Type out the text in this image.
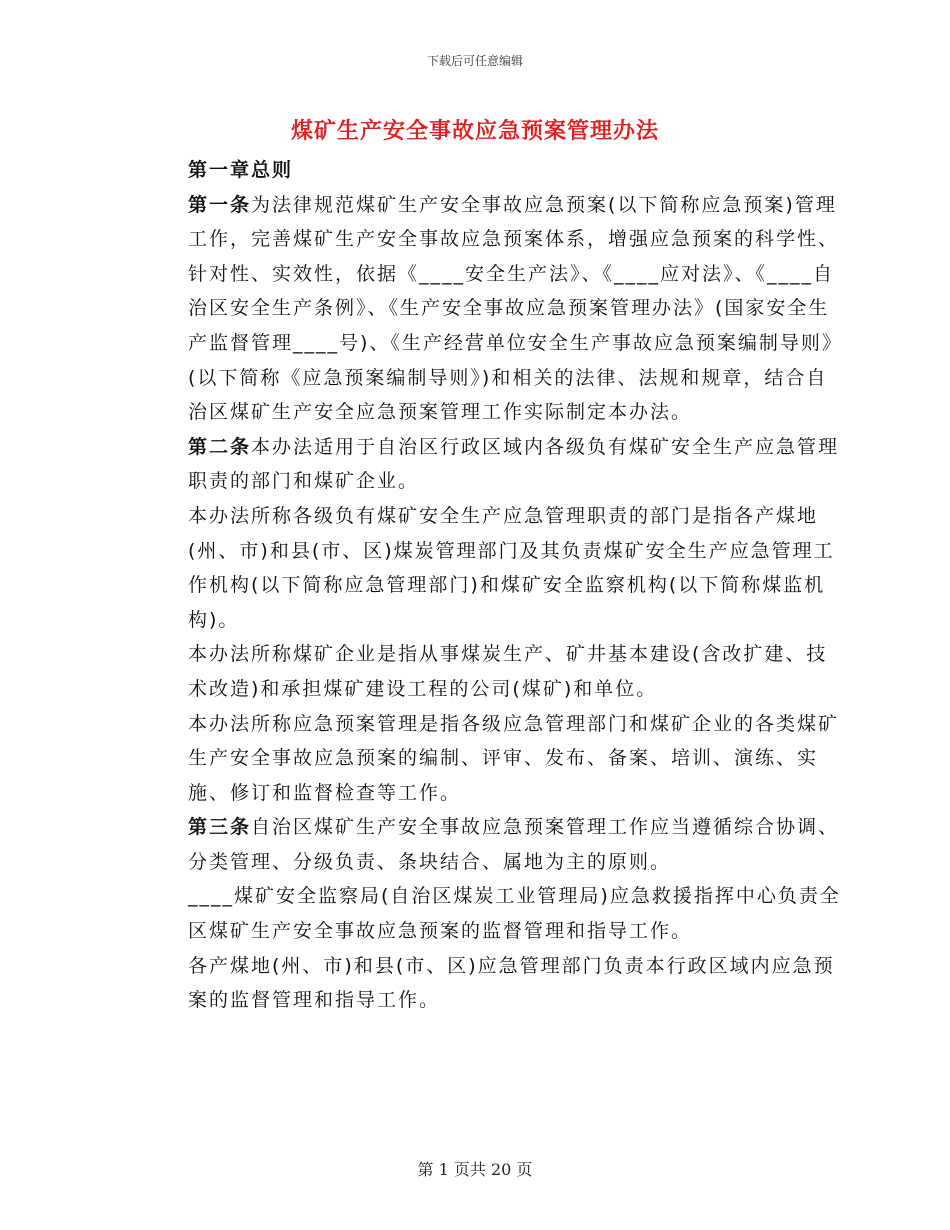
下载后可任意编辑
煤矿生产安全事故应急预案管理办法

第一章总则

第一条为法律规范煤矿生产安全事故应急预案(以下简称应急预案)管理工作，完善煤矿生产安全事故应急预案体系，增强应急预案的科学性、针对性、实效性，依据《____安全生产法》、《____应对法》、《____自治区安全生产条例》、《生产安全事故应急预案管理办法》(国家安全生产监督管理____号)、《生产经营单位安全生产事故应急预案编制导则》(以下简称《应急预案编制导则》)和相关的法律、法规和规章，结合自治区煤矿生产安全应急预案管理工作实际制定本办法。

第二条本办法适用于自治区行政区域内各级负有煤矿安全生产应急管理职责的部门和煤矿企业。

本办法所称各级负有煤矿安全生产应急管理职责的部门是指各产煤地(州、市)和县(市、区)煤炭管理部门及其负责煤矿安全生产应急管理工作机构(以下简称应急管理部门)和煤矿安全监察机构(以下简称煤监机构)。

本办法所称煤矿企业是指从事煤炭生产、矿井基本建设(含改扩建、技术改造)和承担煤矿建设工程的公司(煤矿)和单位。

本办法所称应急预案管理是指各级应急管理部门和煤矿企业的各类煤矿生产安全事故应急预案的编制、评审、发布、备案、培训、演练、实施、修订和监督检查等工作。

第三条自治区煤矿生产安全事故应急预案管理工作应当遵循综合协调、分类管理、分级负责、条块结合、属地为主的原则。

____煤矿安全监察局(自治区煤炭工业管理局)应急救援指挥中心负责全区煤矿生产安全事故应急预案的监督管理和指导工作。

各产煤地(州、市)和县(市、区)应急管理部门负责本行政区域内应急预案的监督管理和指导工作。

第 1 页共 20 页
